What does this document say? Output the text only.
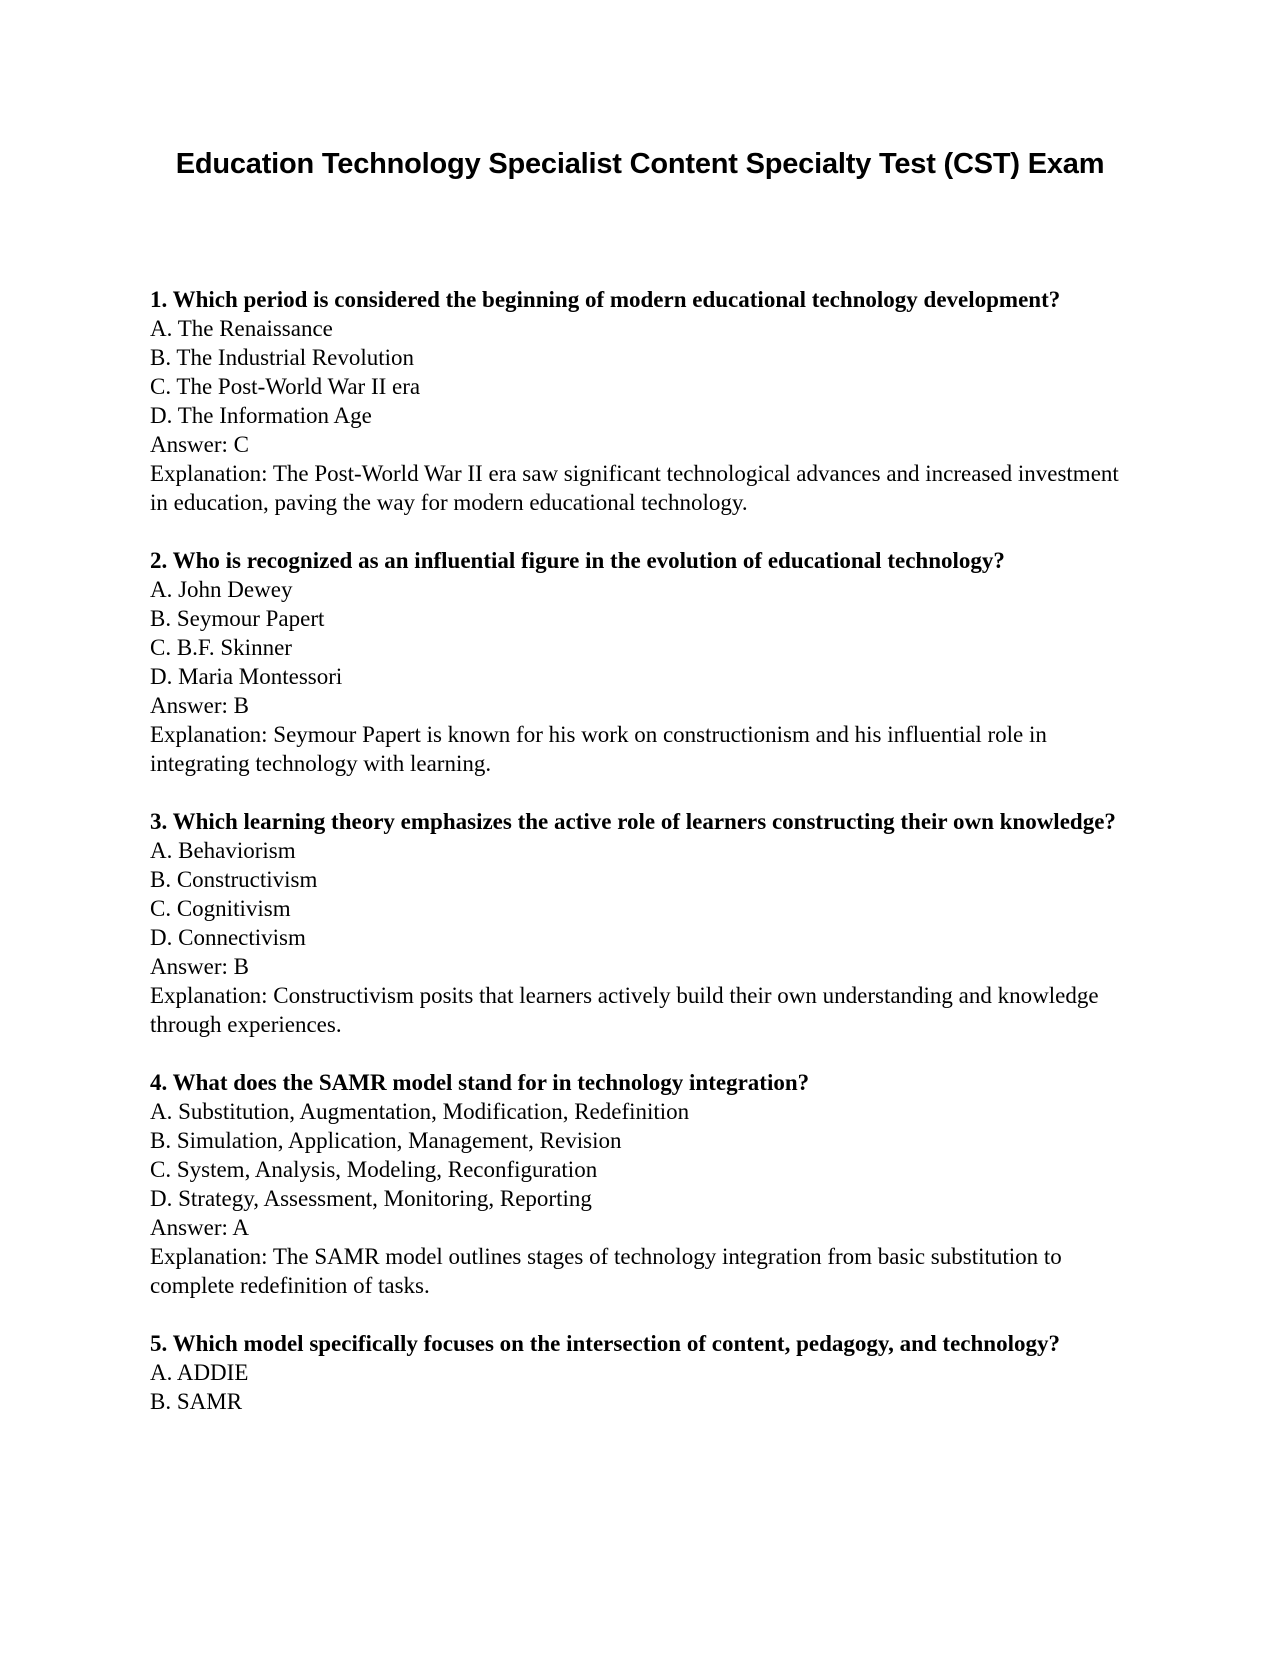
Education Technology Specialist Content Specialty Test (CST) Exam

1. Which period is considered the beginning of modern educational technology development?

A. The Renaissance

B. The Industrial Revolution

C. The Post-World War II era

D. The Information Age

Answer: C

Explanation: The Post-World War II era saw significant technological advances and increased investment in education, paving the way for modern educational technology.

2. Who is recognized as an influential figure in the evolution of educational technology?

A. John Dewey

B. Seymour Papert

C. B.F. Skinner

D. Maria Montessori

Answer: B

Explanation: Seymour Papert is known for his work on constructionism and his influential role in integrating technology with learning.

3. Which learning theory emphasizes the active role of learners constructing their own knowledge?

A. Behaviorism

B. Constructivism

C. Cognitivism

D. Connectivism

Answer: B

Explanation: Constructivism posits that learners actively build their own understanding and knowledge through experiences.

4. What does the SAMR model stand for in technology integration?

A. Substitution, Augmentation, Modification, Redefinition

B. Simulation, Application, Management, Revision

C. System, Analysis, Modeling, Reconfiguration

D. Strategy, Assessment, Monitoring, Reporting

Answer: A

Explanation: The SAMR model outlines stages of technology integration from basic substitution to complete redefinition of tasks.

5. Which model specifically focuses on the intersection of content, pedagogy, and technology?

A. ADDIE

B. SAMR
